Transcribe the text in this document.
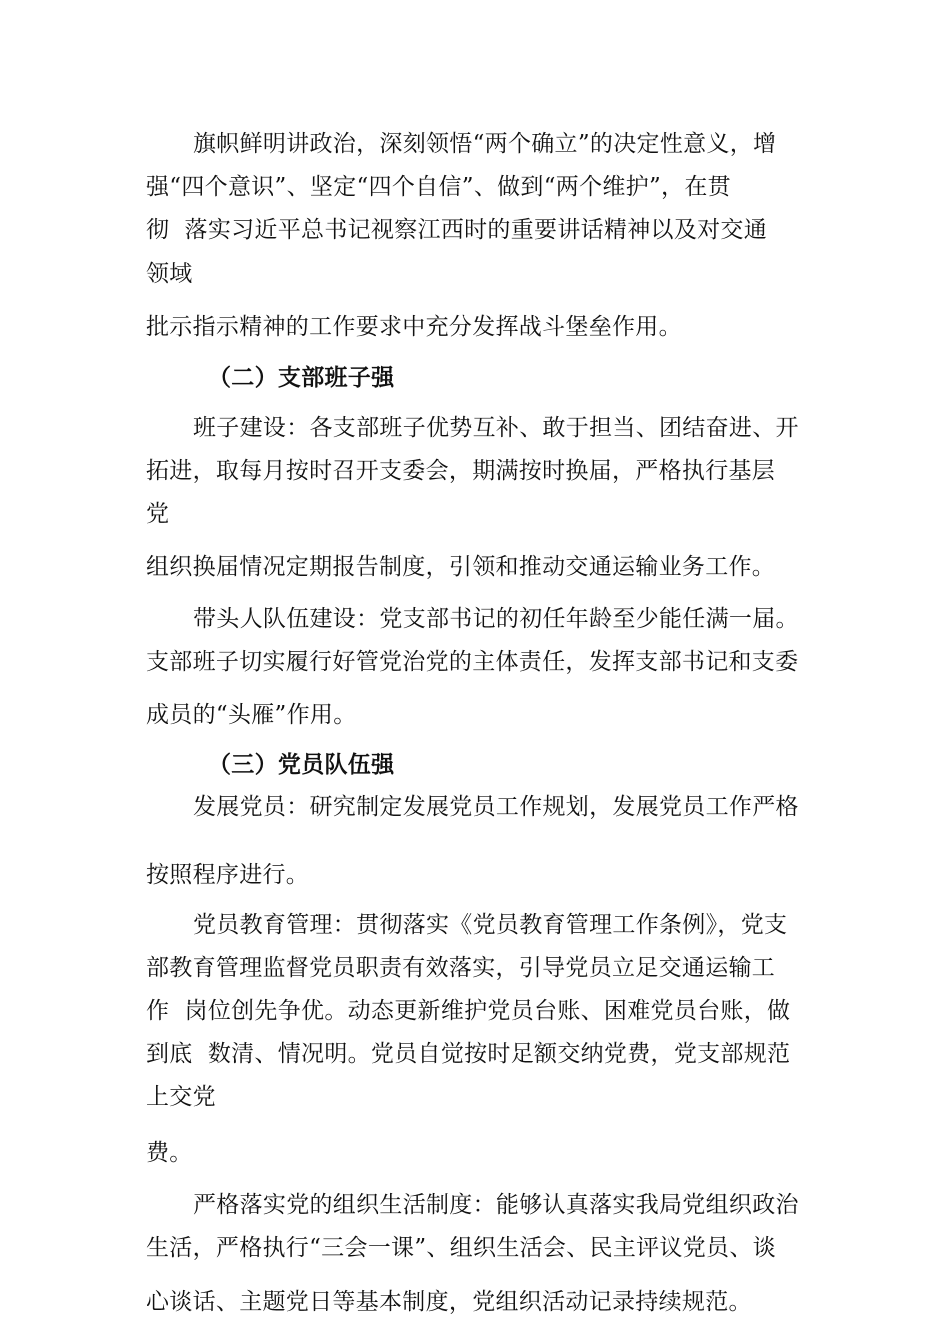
旗帜鲜明讲政治，深刻领悟“两个确立”的决定性意义，增
强“四个意识”、坚定“四个自信”、做到“两个维护”，在贯
彻  落实习近平总书记视察江西时的重要讲话精神以及对交通
领域
批示指示精神的工作要求中充分发挥战斗堡垒作用。
（二）支部班子强
班子建设：各支部班子优势互补、敢于担当、团结奋进、开
拓进，取每月按时召开支委会，期满按时换届，严格执行基层
党
组织换届情况定期报告制度，引领和推动交通运输业务工作。
带头人队伍建设：党支部书记的初任年龄至少能任满一届。
支部班子切实履行好管党治党的主体责任，发挥支部书记和支委
成员的“头雁”作用。
（三）党员队伍强
发展党员：研究制定发展党员工作规划，发展党员工作严格
按照程序进行。
党员教育管理：贯彻落实《党员教育管理工作条例》，党支
部教育管理监督党员职责有效落实，引导党员立足交通运输工
作  岗位创先争优。动态更新维护党员台账、困难党员台账，做
到底  数清、情况明。党员自觉按时足额交纳党费，党支部规范
上交党
费。
严格落实党的组织生活制度：能够认真落实我局党组织政治
生活，严格执行“三会一课”、组织生活会、民主评议党员、谈
心谈话、主题党日等基本制度，党组织活动记录持续规范。
